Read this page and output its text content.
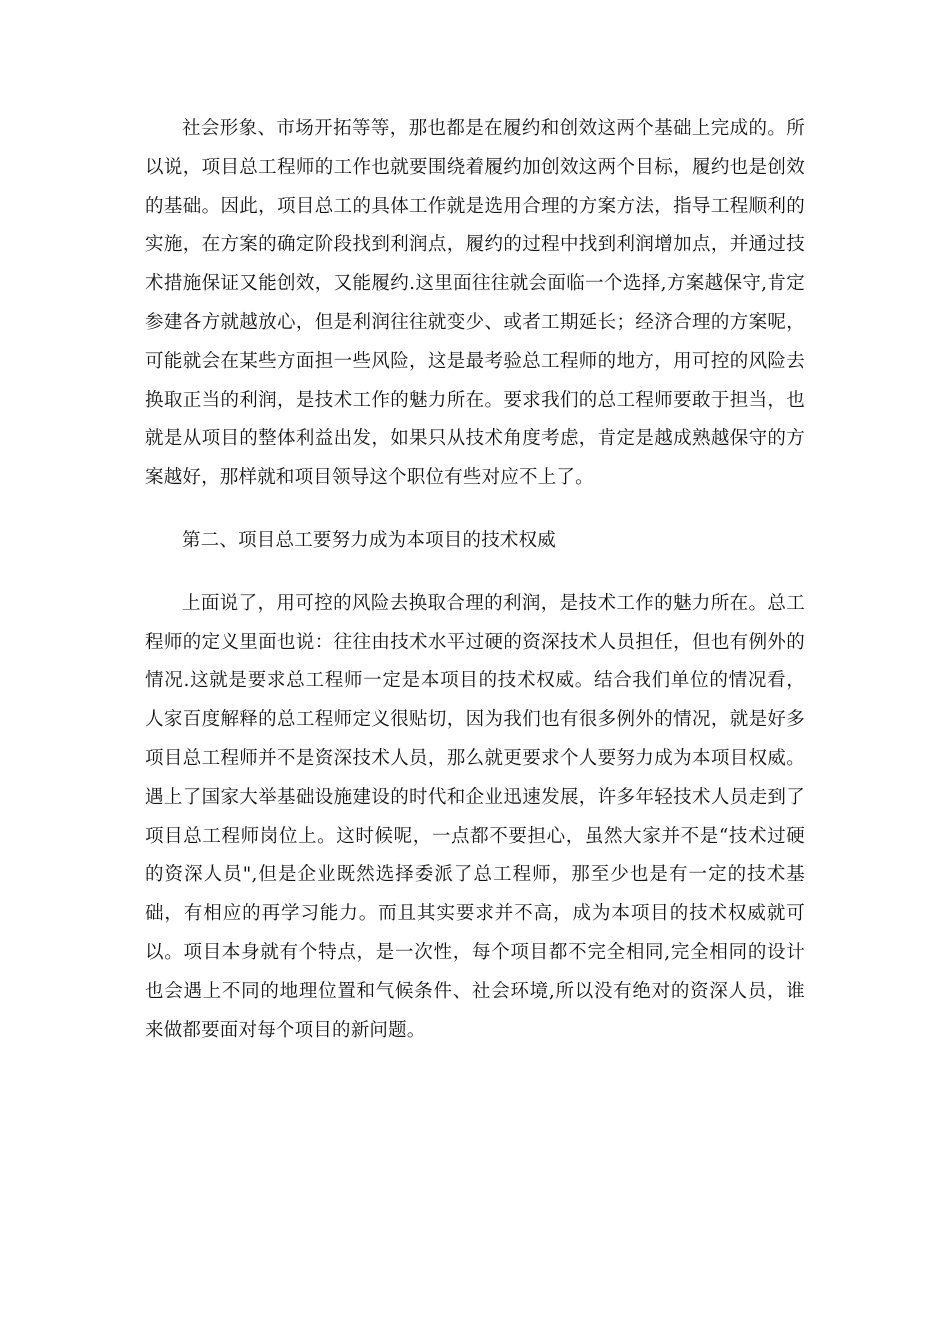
社会形象、市场开拓等等，那也都是在履约和创效这两个基础上完成的。所以说，项目总工程师的工作也就要围绕着履约加创效这两个目标，履约也是创效的基础。因此，项目总工的具体工作就是选用合理的方案方法，指导工程顺利的实施，在方案的确定阶段找到利润点，履约的过程中找到利润增加点，并通过技术措施保证又能创效，又能履约.这里面往往就会面临一个选择,方案越保守,肯定参建各方就越放心，但是利润往往就变少、或者工期延长；经济合理的方案呢，可能就会在某些方面担一些风险，这是最考验总工程师的地方，用可控的风险去换取正当的利润，是技术工作的魅力所在。要求我们的总工程师要敢于担当，也就是从项目的整体利益出发，如果只从技术角度考虑，肯定是越成熟越保守的方案越好，那样就和项目领导这个职位有些对应不上了。

第二、项目总工要努力成为本项目的技术权威

上面说了，用可控的风险去换取合理的利润，是技术工作的魅力所在。总工程师的定义里面也说：往往由技术水平过硬的资深技术人员担任，但也有例外的情况.这就是要求总工程师一定是本项目的技术权威。结合我们单位的情况看，人家百度解释的总工程师定义很贴切，因为我们也有很多例外的情况，就是好多项目总工程师并不是资深技术人员，那么就更要求个人要努力成为本项目权威。遇上了国家大举基础设施建设的时代和企业迅速发展，许多年轻技术人员走到了项目总工程师岗位上。这时候呢，一点都不要担心，虽然大家并不是“技术过硬的资深人员",但是企业既然选择委派了总工程师，那至少也是有一定的技术基础，有相应的再学习能力。而且其实要求并不高，成为本项目的技术权威就可以。项目本身就有个特点，是一次性，每个项目都不完全相同,完全相同的设计也会遇上不同的地理位置和气候条件、社会环境,所以没有绝对的资深人员，谁来做都要面对每个项目的新问题。
